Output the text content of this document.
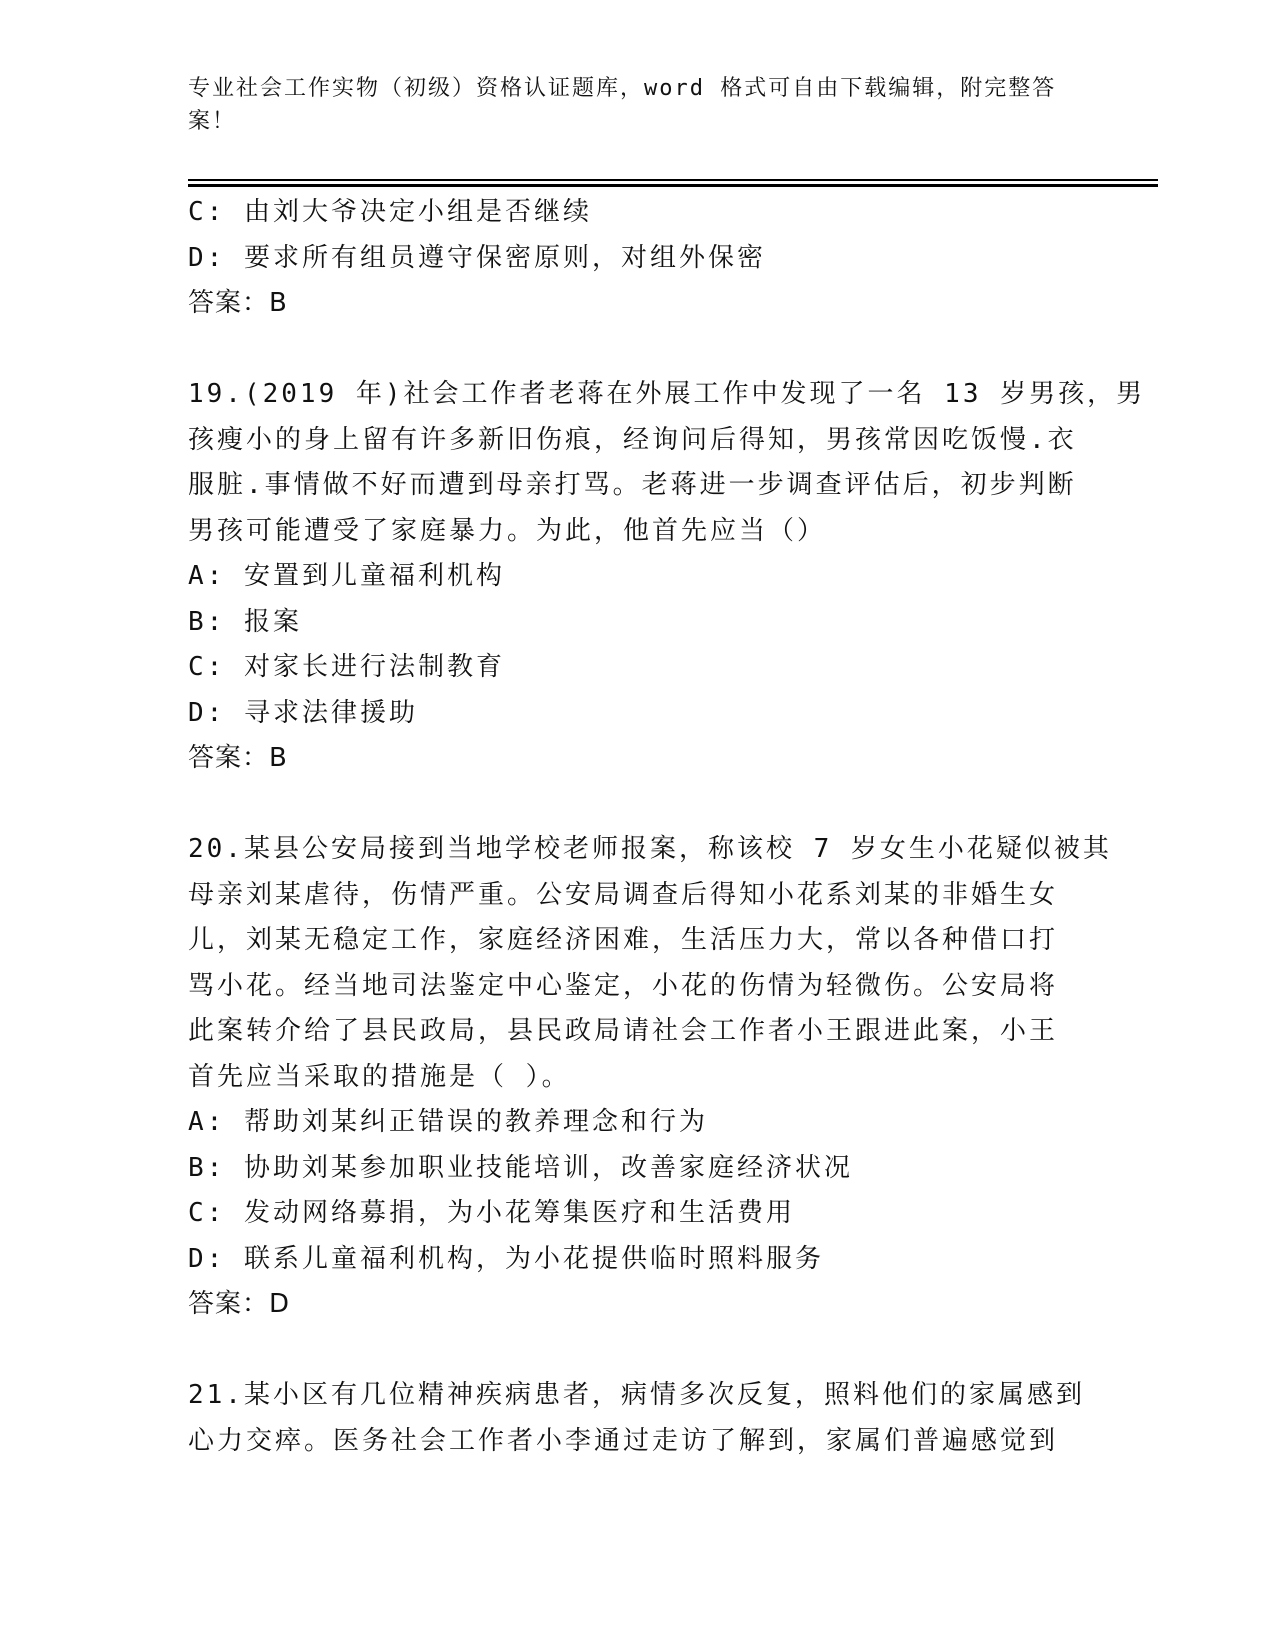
专业社会工作实物（初级）资格认证题库，word 格式可自由下载编辑，附完整答
案！
C: 由刘大爷决定小组是否继续
D: 要求所有组员遵守保密原则，对组外保密
答案：B
19.(2019 年)社会工作者老蒋在外展工作中发现了一名 13 岁男孩，男
孩瘦小的身上留有许多新旧伤痕，经询问后得知，男孩常因吃饭慢.衣
服脏.事情做不好而遭到母亲打骂。老蒋进一步调查评估后，初步判断
男孩可能遭受了家庭暴力。为此，他首先应当（）
A: 安置到儿童福利机构
B: 报案
C: 对家长进行法制教育
D: 寻求法律援助
答案：B
20.某县公安局接到当地学校老师报案，称该校 7 岁女生小花疑似被其
母亲刘某虐待，伤情严重。公安局调查后得知小花系刘某的非婚生女
儿，刘某无稳定工作，家庭经济困难，生活压力大，常以各种借口打
骂小花。经当地司法鉴定中心鉴定，小花的伤情为轻微伤。公安局将
此案转介给了县民政局，县民政局请社会工作者小王跟进此案，小王
首先应当采取的措施是（ ）。
A: 帮助刘某纠正错误的教养理念和行为
B: 协助刘某参加职业技能培训，改善家庭经济状况
C: 发动网络募捐，为小花筹集医疗和生活费用
D: 联系儿童福利机构，为小花提供临时照料服务
答案：D
21.某小区有几位精神疾病患者，病情多次反复，照料他们的家属感到
心力交瘁。医务社会工作者小李通过走访了解到，家属们普遍感觉到
